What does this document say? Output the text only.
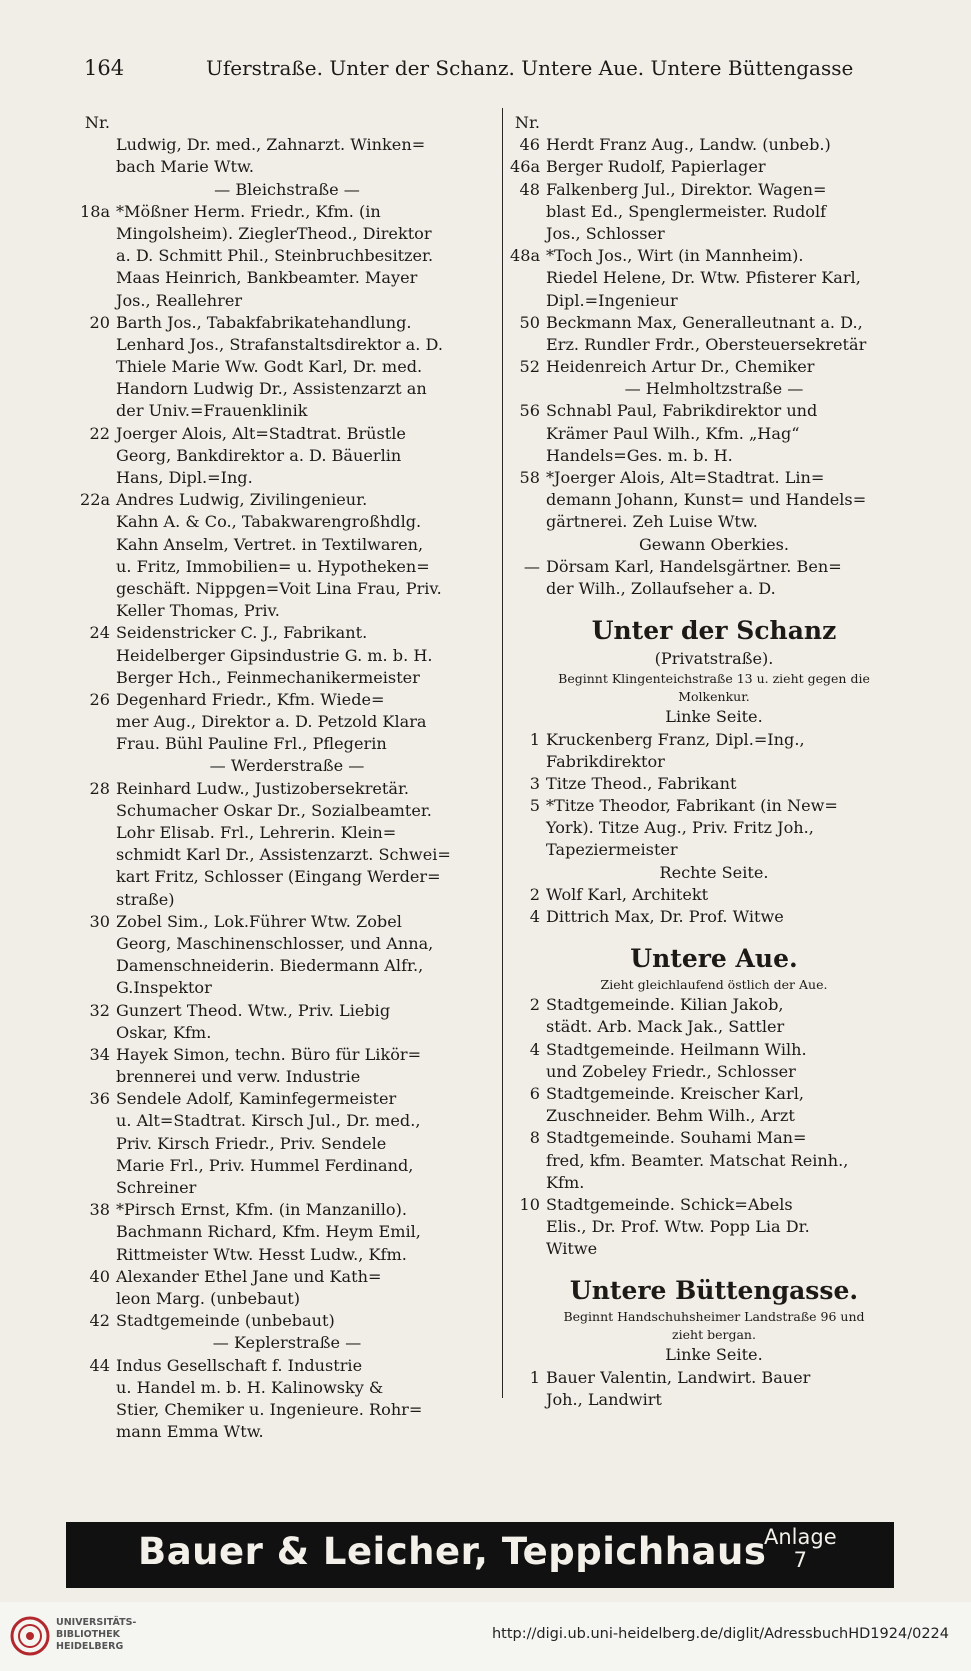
164	Uferstraße. Unter der Schanz. Untere Aue. Untere Büttengasse
Nr.
Ludwig, Dr. med., Zahnarzt. Winken=
bach Marie Wtw.
— Bleichstraße —
18a *Mößner Herm. Friedr., Kfm. (in
Mingolsheim). ZieglerTheod., Direktor
a. D. Schmitt Phil., Steinbruchbesitzer.
Maas Heinrich, Bankbeamter. Mayer
Jos., Reallehrer
20 Barth Jos., Tabakfabrikatehandlung.
Lenhard Jos., Strafanstaltsdirektor a. D.
Thiele Marie Ww. Godt Karl, Dr. med.
Handorn Ludwig Dr., Assistenzarzt an
der Univ.=Frauenklinik
22 Joerger Alois, Alt=Stadtrat. Brüstle
Georg, Bankdirektor a. D. Bäuerlin
Hans, Dipl.=Ing.
22a Andres Ludwig, Zivilingenieur.
Kahn A. & Co., Tabakwarengroßhdlg.
Kahn Anselm, Vertret. in Textilwaren,
u. Fritz, Immobilien= u. Hypotheken=
geschäft. Nippgen=Voit Lina Frau, Priv.
Keller Thomas, Priv.
24 Seidenstricker C. J., Fabrikant.
Heidelberger Gipsindustrie G. m. b. H.
Berger Hch., Feinmechanikermeister
26 Degenhard Friedr., Kfm. Wiede=
mer Aug., Direktor a. D. Petzold Klara
Frau. Bühl Pauline Frl., Pflegerin
— Werderstraße —
28 Reinhard Ludw., Justizobersekretär.
Schumacher Oskar Dr., Sozialbeamter.
Lohr Elisab. Frl., Lehrerin. Klein=
schmidt Karl Dr., Assistenzarzt. Schwei=
kart Fritz, Schlosser (Eingang Werder=
straße)
30 Zobel Sim., Lok.Führer Wtw. Zobel
Georg, Maschinenschlosser, und Anna,
Damenschneiderin. Biedermann Alfr.,
G.Inspektor
32 Gunzert Theod. Wtw., Priv. Liebig
Oskar, Kfm.
34 Hayek Simon, techn. Büro für Likör=
brennerei und verw. Industrie
36 Sendele Adolf, Kaminfegermeister
u. Alt=Stadtrat. Kirsch Jul., Dr. med.,
Priv. Kirsch Friedr., Priv. Sendele
Marie Frl., Priv. Hummel Ferdinand,
Schreiner
38 *Pirsch Ernst, Kfm. (in Manzanillo).
Bachmann Richard, Kfm. Heym Emil,
Rittmeister Wtw. Hesst Ludw., Kfm.
40 Alexander Ethel Jane und Kath=
leon Marg. (unbebaut)
42 Stadtgemeinde (unbebaut)
— Keplerstraße —
44 Indus Gesellschaft f. Industrie
u. Handel m. b. H. Kalinowsky &
Stier, Chemiker u. Ingenieure. Rohr=
mann Emma Wtw.
Nr.
46 Herdt Franz Aug., Landw. (unbeb.)
46a Berger Rudolf, Papierlager
48 Falkenberg Jul., Direktor. Wagen=
blast Ed., Spenglermeister. Rudolf
Jos., Schlosser
48a *Toch Jos., Wirt (in Mannheim).
Riedel Helene, Dr. Wtw. Pfisterer Karl,
Dipl.=Ingenieur
50 Beckmann Max, Generalleutnant a. D.,
Erz. Rundler Frdr., Obersteuersekretär
52 Heidenreich Artur Dr., Chemiker
— Helmholtzstraße —
56 Schnabl Paul, Fabrikdirektor und
Krämer Paul Wilh., Kfm. „Hag“
Handels=Ges. m. b. H.
58 *Joerger Alois, Alt=Stadtrat. Lin=
demann Johann, Kunst= und Handels=
gärtnerei. Zeh Luise Wtw.
Gewann Oberkies.
— Dörsam Karl, Handelsgärtner. Ben=
der Wilh., Zollaufseher a. D.
Unter der Schanz
(Privatstraße).
Beginnt Klingenteichstraße 13 u. zieht gegen die
Molkenkur.
Linke Seite.
1 Kruckenberg Franz, Dipl.=Ing.,
Fabrikdirektor
3 Titze Theod., Fabrikant
5 *Titze Theodor, Fabrikant (in New=
York). Titze Aug., Priv. Fritz Joh.,
Tapeziermeister
Rechte Seite.
2 Wolf Karl, Architekt
4 Dittrich Max, Dr. Prof. Witwe
Untere Aue.
Zieht gleichlaufend östlich der Aue.
2 Stadtgemeinde. Kilian Jakob,
städt. Arb. Mack Jak., Sattler
4 Stadtgemeinde. Heilmann Wilh.
und Zobeley Friedr., Schlosser
6 Stadtgemeinde. Kreischer Karl,
Zuschneider. Behm Wilh., Arzt
8 Stadtgemeinde. Souhami Man=
fred, kfm. Beamter. Matschat Reinh.,
Kfm.
10 Stadtgemeinde. Schick=Abels
Elis., Dr. Prof. Wtw. Popp Lia Dr.
Witwe
Untere Büttengasse.
Beginnt Handschuhsheimer Landstraße 96 und
zieht bergan.
Linke Seite.
1 Bauer Valentin, Landwirt. Bauer
Joh., Landwirt
Bauer & Leicher, Teppichhaus
Anlage
7
UNIVERSITÄTS-
BIBLIOTHEK
HEIDELBERG
http://digi.ub.uni-heidelberg.de/diglit/AdressbuchHD1924/0224
